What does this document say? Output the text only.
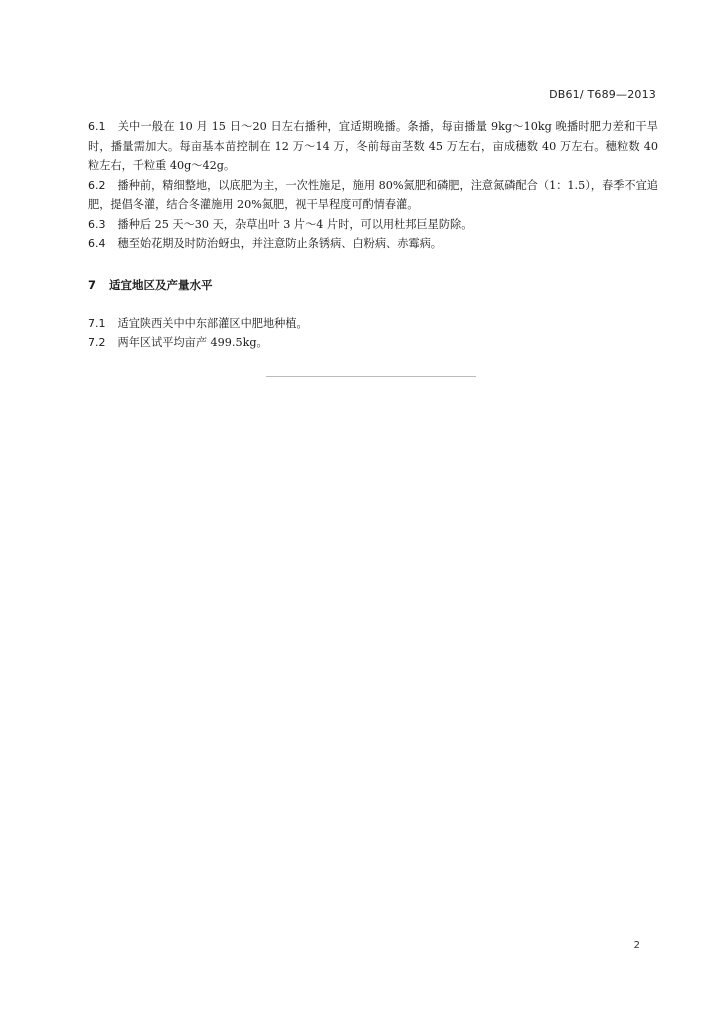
DB61/ T689—2013

6.1 关中一般在 10 月 15 日～20 日左右播种，宜适期晚播。条播，每亩播量 9kg～10kg 晚播时肥力差和干旱时，播量需加大。每亩基本苗控制在 12 万～14 万，冬前每亩茎数 45 万左右，亩成穗数 40 万左右。穗粒数 40 粒左右，千粒重 40g～42g。

6.2 播种前，精细整地，以底肥为主，一次性施足，施用 80%氮肥和磷肥，注意氮磷配合（1：1.5），春季不宜追肥，提倡冬灌，结合冬灌施用 20%氮肥，视干旱程度可酌情春灌。

6.3 播种后 25 天～30 天，杂草出叶 3 片～4 片时，可以用杜邦巨星防除。

6.4 穗至始花期及时防治蚜虫，并注意防止条锈病、白粉病、赤霉病。

7 适宜地区及产量水平

7.1 适宜陕西关中中东部灌区中肥地种植。

7.2 两年区试平均亩产 499.5kg。

2
